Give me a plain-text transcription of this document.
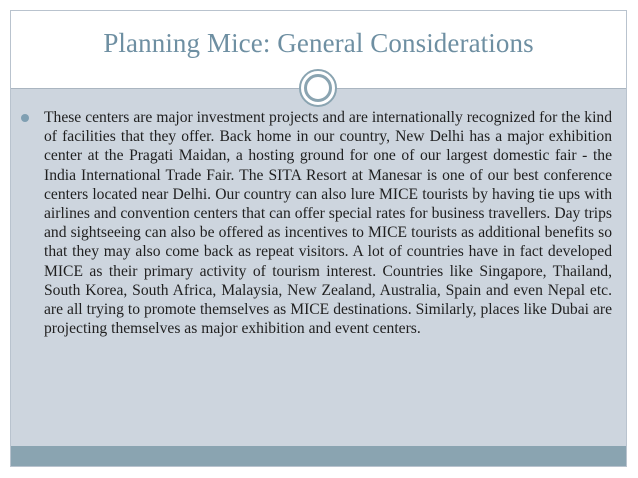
Planning Mice: General Considerations

These centers are major investment projects and are internationally recognized for the kind of facilities that they offer. Back home in our country, New Delhi has a major exhibition center at the Pragati Maidan, a hosting ground for one of our largest domestic fair - the India International Trade Fair. The SITA Resort at Manesar is one of our best conference centers located near Delhi. Our country can also lure MICE tourists by having tie ups with airlines and convention centers that can offer special rates for business travellers. Day trips and sightseeing can also be offered as incentives to MICE tourists as additional benefits so that they may also come back as repeat visitors. A lot of countries have in fact developed MICE as their primary activity of tourism interest. Countries like Singapore, Thailand, South Korea, South Africa, Malaysia, New Zealand, Australia, Spain and even Nepal etc. are all trying to promote themselves as MICE destinations. Similarly, places like Dubai are projecting themselves as major exhibition and event centers.
